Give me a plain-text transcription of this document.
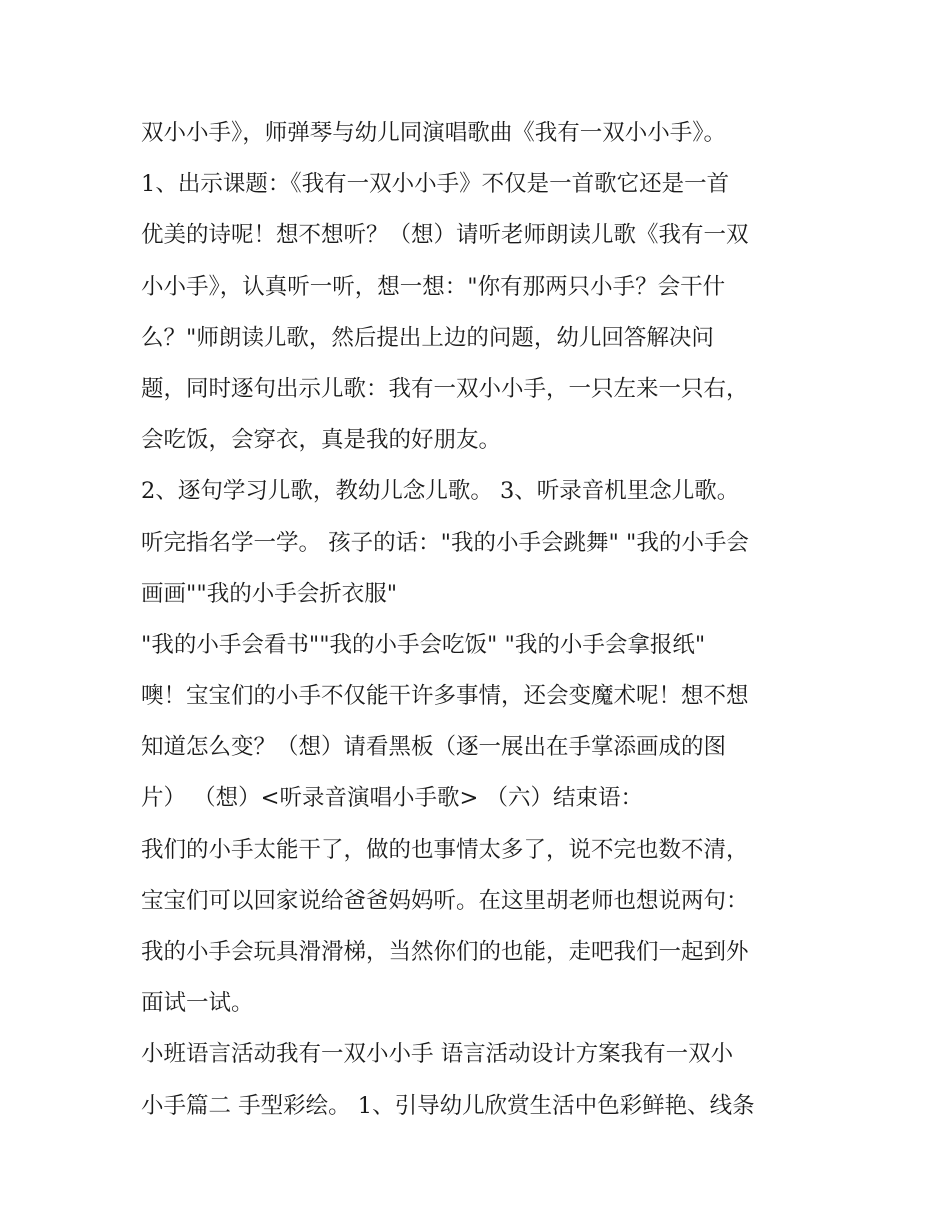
双小小手》，师弹琴与幼儿同演唱歌曲《我有一双小小手》。
1、出示课题：《我有一双小小手》不仅是一首歌它还是一首
优美的诗呢！想不想听？（想）请听老师朗读儿歌《我有一双
小小手》，认真听一听，想一想："你有那两只小手？会干什
么？"师朗读儿歌，然后提出上边的问题，幼儿回答解决问
题，同时逐句出示儿歌：我有一双小小手，一只左来一只右，
会吃饭，会穿衣，真是我的好朋友。
2、逐句学习儿歌，教幼儿念儿歌。 3、听录音机里念儿歌。
听完指名学一学。 孩子的话："我的小手会跳舞" "我的小手会
画画""我的小手会折衣服"
"我的小手会看书""我的小手会吃饭" "我的小手会拿报纸"
噢！宝宝们的小手不仅能干许多事情，还会变魔术呢！想不想
知道怎么变？（想）请看黑板（逐一展出在手掌添画成的图
片） （想）<听录音演唱小手歌> （六）结束语：
我们的小手太能干了，做的也事情太多了，说不完也数不清，
宝宝们可以回家说给爸爸妈妈听。在这里胡老师也想说两句：
我的小手会玩具滑滑梯，当然你们的也能，走吧我们一起到外
面试一试。
小班语言活动我有一双小小手 语言活动设计方案我有一双小
小手篇二 手型彩绘。 1、引导幼儿欣赏生活中色彩鲜艳、线条
